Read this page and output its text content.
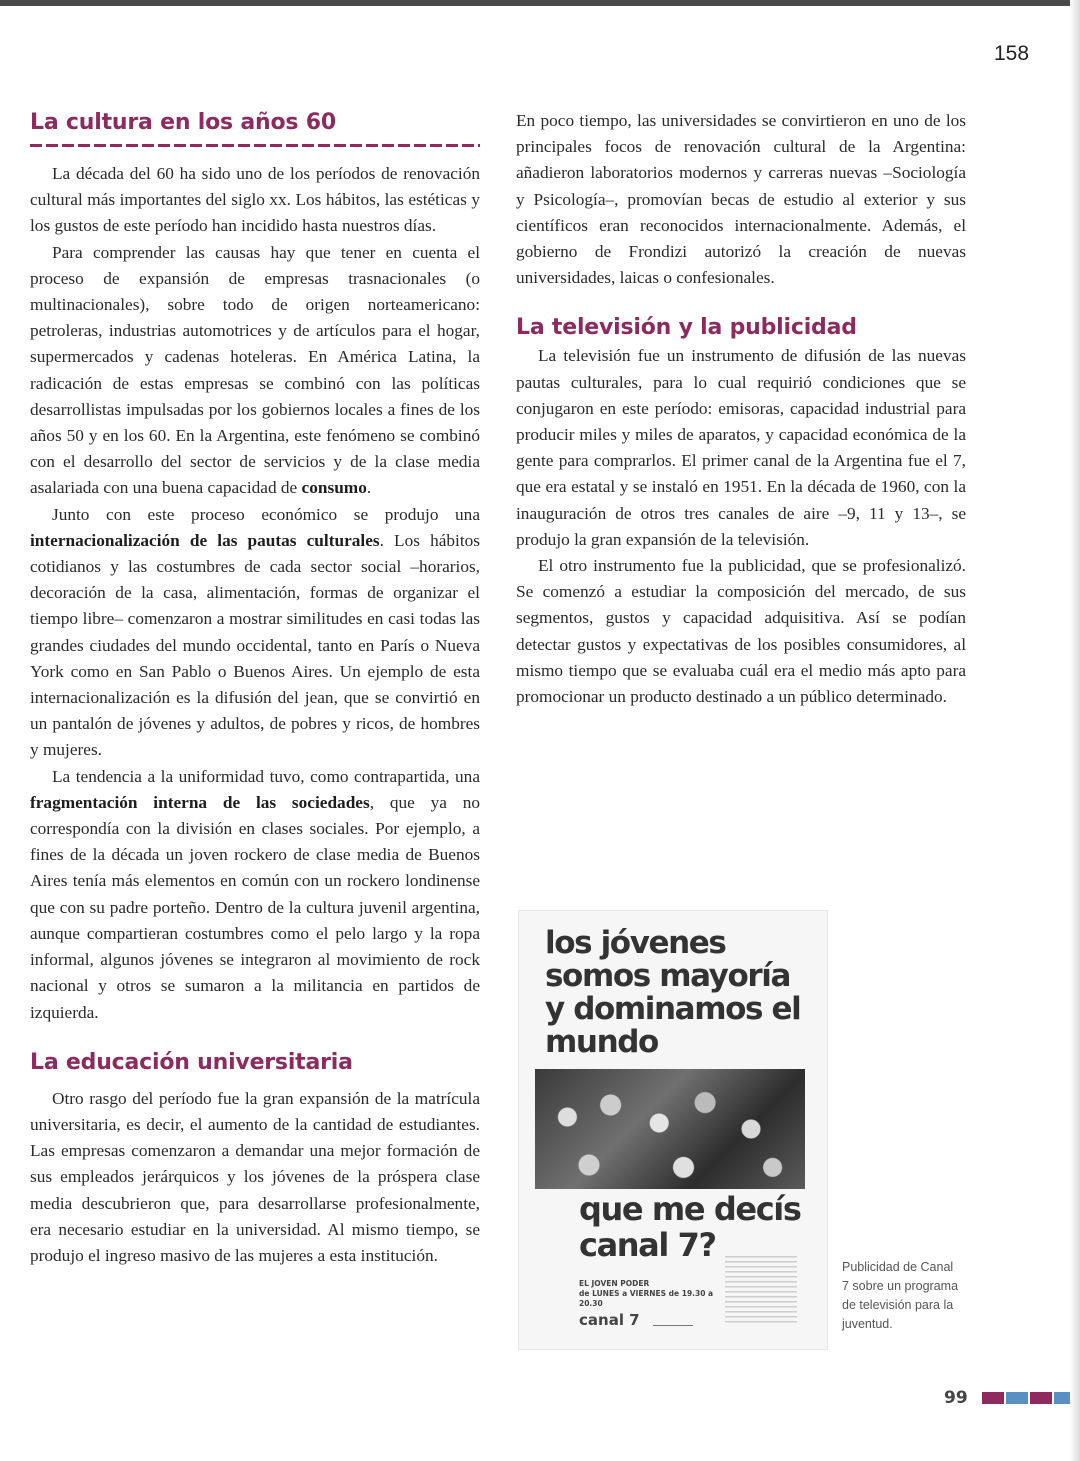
158
La cultura en los años 60

La década del 60 ha sido uno de los períodos de renovación cultural más importantes del siglo xx. Los hábitos, las estéticas y los gustos de este período han incidido hasta nuestros días.

Para comprender las causas hay que tener en cuenta el proceso de expansión de empresas trasnacionales (o multinacionales), sobre todo de origen norteamericano: petroleras, industrias automotrices y de artículos para el hogar, supermercados y cadenas hoteleras. En América Latina, la radicación de estas empresas se combinó con las políticas desarrollistas impulsadas por los gobiernos locales a fines de los años 50 y en los 60. En la Argentina, este fenómeno se combinó con el desarrollo del sector de servicios y de la clase media asalariada con una buena capacidad de consumo.

Junto con este proceso económico se produjo una internacionalización de las pautas culturales. Los hábitos cotidianos y las costumbres de cada sector social –horarios, decoración de la casa, alimentación, formas de organizar el tiempo libre– comenzaron a mostrar similitudes en casi todas las grandes ciudades del mundo occidental, tanto en París o Nueva York como en San Pablo o Buenos Aires. Un ejemplo de esta internacionalización es la difusión del jean, que se convirtió en un pantalón de jóvenes y adultos, de pobres y ricos, de hombres y mujeres.

La tendencia a la uniformidad tuvo, como contrapartida, una fragmentación interna de las sociedades, que ya no correspondía con la división en clases sociales. Por ejemplo, a fines de la década un joven rockero de clase media de Buenos Aires tenía más elementos en común con un rockero londinense que con su padre porteño. Dentro de la cultura juvenil argentina, aunque compartieran costumbres como el pelo largo y la ropa informal, algunos jóvenes se integraron al movimiento de rock nacional y otros se sumaron a la militancia en partidos de izquierda.

La educación universitaria

Otro rasgo del período fue la gran expansión de la matrícula universitaria, es decir, el aumento de la cantidad de estudiantes. Las empresas comenzaron a demandar una mejor formación de sus empleados jerárquicos y los jóvenes de la próspera clase media descubrieron que, para desarrollarse profesionalmente, era necesario estudiar en la universidad. Al mismo tiempo, se produjo el ingreso masivo de las mujeres a esta institución.

En poco tiempo, las universidades se convirtieron en uno de los principales focos de renovación cultural de la Argentina: añadieron laboratorios modernos y carreras nuevas –Sociología y Psicología–, promovían becas de estudio al exterior y sus científicos eran reconocidos internacionalmente. Además, el gobierno de Frondizi autorizó la creación de nuevas universidades, laicas o confesionales.

La televisión y la publicidad

La televisión fue un instrumento de difusión de las nuevas pautas culturales, para lo cual requirió condiciones que se conjugaron en este período: emisoras, capacidad industrial para producir miles y miles de aparatos, y capacidad económica de la gente para comprarlos. El primer canal de la Argentina fue el 7, que era estatal y se instaló en 1951. En la década de 1960, con la inauguración de otros tres canales de aire –9, 11 y 13–, se produjo la gran expansión de la televisión.

El otro instrumento fue la publicidad, que se profesionalizó. Se comenzó a estudiar la composición del mercado, de sus segmentos, gustos y capacidad adquisitiva. Así se podían detectar gustos y expectativas de los posibles consumidores, al mismo tiempo que se evaluaba cuál era el medio más apto para promocionar un producto destinado a un público determinado.

los jóvenes somos mayoría y dominamos el mundo
que me decís canal 7?
EL JOVEN PODER
de LUNES a VIERNES de 19.30 a 20.30
canal 7
Publicidad de Canal 7 sobre un programa de televisión para la juventud.
99
